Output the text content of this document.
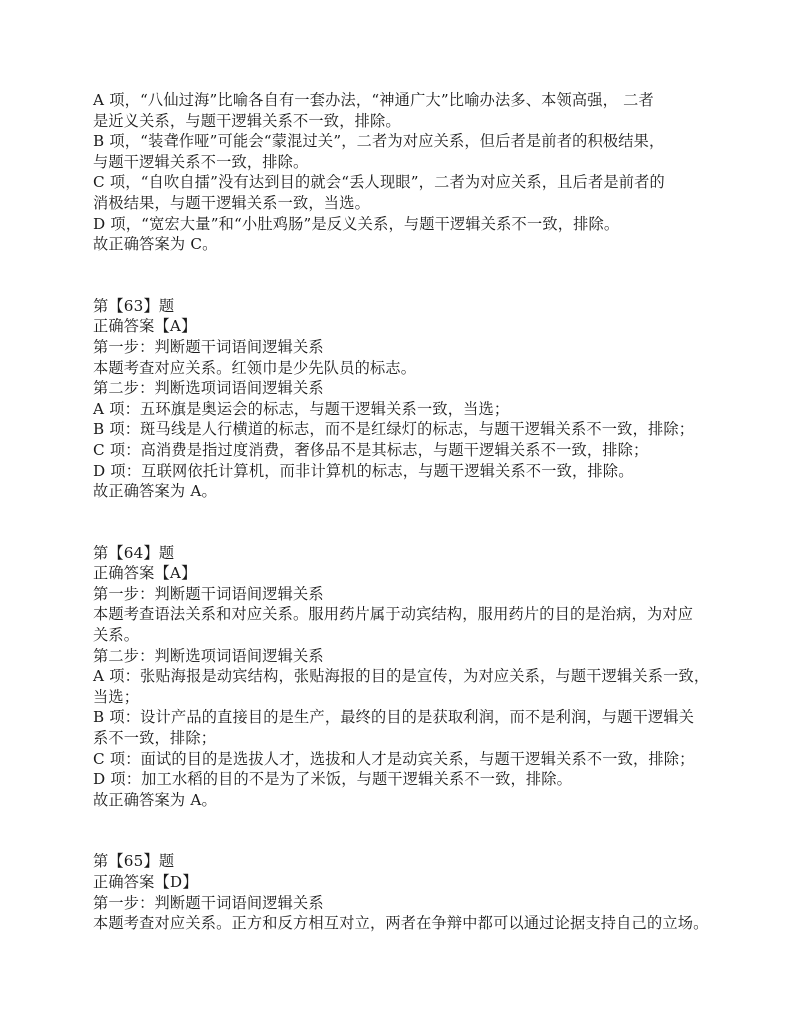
A 项，“八仙过海”比喻各自有一套办法，“神通广大”比喻办法多、本领高强， 二者
是近义关系，与题干逻辑关系不一致，排除。
B 项，“装聋作哑”可能会“蒙混过关”，二者为对应关系，但后者是前者的积极结果，
与题干逻辑关系不一致，排除。
C 项，“自吹自擂”没有达到目的就会“丢人现眼”，二者为对应关系，且后者是前者的
消极结果，与题干逻辑关系一致，当选。
D 项，“宽宏大量”和“小肚鸡肠”是反义关系，与题干逻辑关系不一致，排除。
故正确答案为 C。
第【63】题
正确答案【A】
第一步：判断题干词语间逻辑关系
本题考查对应关系。红领巾是少先队员的标志。
第二步：判断选项词语间逻辑关系
A 项：五环旗是奥运会的标志，与题干逻辑关系一致，当选；
B 项：斑马线是人行横道的标志，而不是红绿灯的标志，与题干逻辑关系不一致，排除；
C 项：高消费是指过度消费，奢侈品不是其标志，与题干逻辑关系不一致，排除；
D 项：互联网依托计算机，而非计算机的标志，与题干逻辑关系不一致，排除。
故正确答案为 A。
第【64】题
正确答案【A】
第一步：判断题干词语间逻辑关系
本题考查语法关系和对应关系。服用药片属于动宾结构，服用药片的目的是治病，为对应
关系。
第二步：判断选项词语间逻辑关系
A 项：张贴海报是动宾结构，张贴海报的目的是宣传，为对应关系，与题干逻辑关系一致，
当选；
B 项：设计产品的直接目的是生产，最终的目的是获取利润，而不是利润，与题干逻辑关
系不一致，排除；
C 项：面试的目的是选拔人才，选拔和人才是动宾关系，与题干逻辑关系不一致，排除；
D 项：加工水稻的目的不是为了米饭，与题干逻辑关系不一致，排除。
故正确答案为 A。
第【65】题
正确答案【D】
第一步：判断题干词语间逻辑关系
本题考查对应关系。正方和反方相互对立，两者在争辩中都可以通过论据支持自己的立场。
